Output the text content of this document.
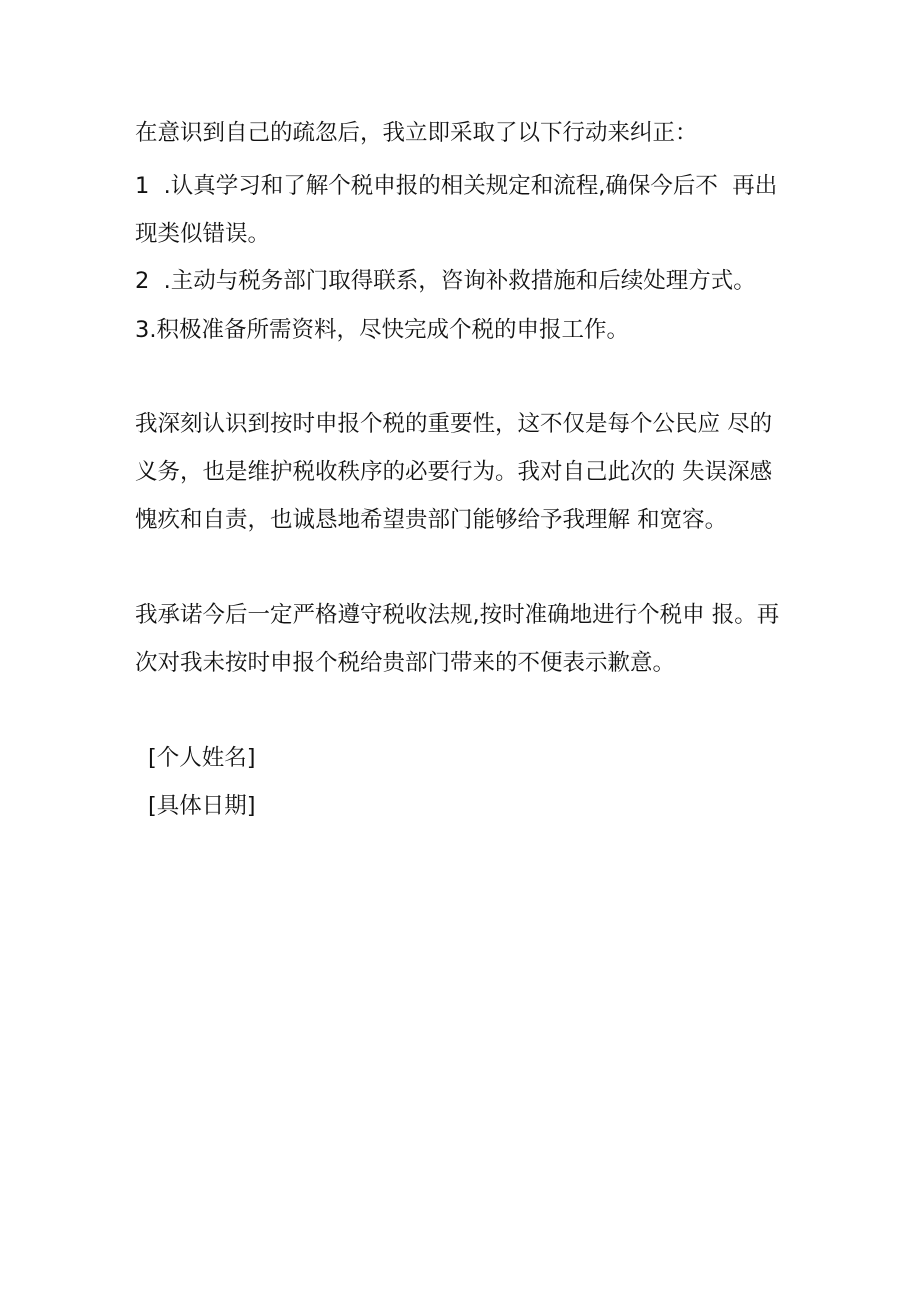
在意识到自己的疏忽后，我立即采取了以下行动来纠正：
1  .认真学习和了解个税申报的相关规定和流程,确保今后不  再出
现类似错误。
2  .主动与税务部门取得联系，咨询补救措施和后续处理方式。
3.积极准备所需资料，尽快完成个税的申报工作。
我深刻认识到按时申报个税的重要性，这不仅是每个公民应 尽的
义务，也是维护税收秩序的必要行为。我对自己此次的 失误深感
愧疚和自责，也诚恳地希望贵部门能够给予我理解 和宽容。
我承诺今后一定严格遵守税收法规,按时准确地进行个税申 报。再
次对我未按时申报个税给贵部门带来的不便表示歉意。
[个人姓名]
[具体日期]
